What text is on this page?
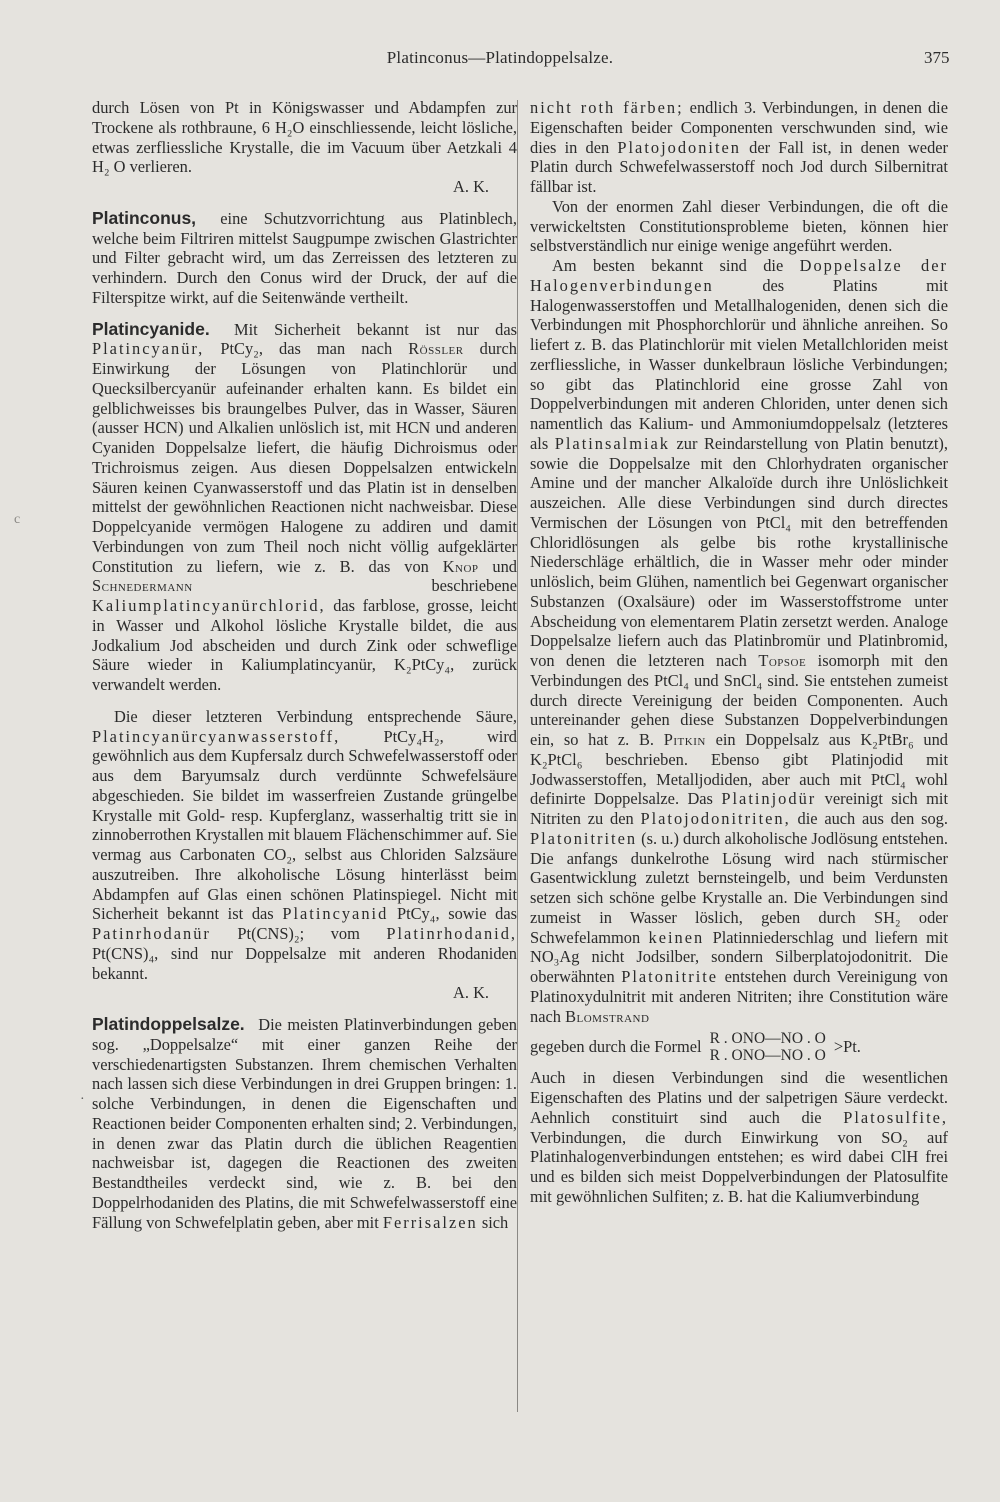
Platinconus—Platindoppelsalze.	375
c
·

durch Lösen von Pt in Königswasser und Abdampfen zur Trockene als rothbraune, 6 H₂O einschliessende, leicht lösliche, etwas zerfliessliche Krystalle, die im Vacuum über Aetzkali 4 H₂ O verlieren.

A. K.

Platinconus, eine Schutzvorrichtung aus Platinblech, welche beim Filtriren mittelst Saugpumpe zwischen Glastrichter und Filter gebracht wird, um das Zerreissen des letzteren zu verhindern. Durch den Conus wird der Druck, der auf die Filterspitze wirkt, auf die Seitenwände vertheilt.

Platincyanide. Mit Sicherheit bekannt ist nur das Platincyanür, PtCy₂, das man nach Rössler durch Einwirkung der Lösungen von Platinchlorür und Quecksilbercyanür aufeinander erhalten kann. Es bildet ein gelblichweisses bis braungelbes Pulver, das in Wasser, Säuren (ausser HCN) und Alkalien unlöslich ist, mit HCN und anderen Cyaniden Doppelsalze liefert, die häufig Dichroismus oder Trichroismus zeigen. Aus diesen Doppelsalzen entwickeln Säuren keinen Cyanwasserstoff und das Platin ist in denselben mittelst der gewöhnlichen Reactionen nicht nachweisbar. Diese Doppelcyanide vermögen Halogene zu addiren und damit Verbindungen von zum Theil noch nicht völlig aufgeklärter Constitution zu liefern, wie z. B. das von Knop und Schnedermann	beschriebene Kaliumplatincyanürchlorid, das farblose, grosse, leicht in Wasser und Alkohol lösliche Krystalle bildet, die aus Jodkalium Jod abscheiden und durch Zink oder schweflige Säure wieder in Kaliumplatincyanür, K₂PtCy₄, zurück verwandelt werden.

Die dieser letzteren Verbindung entsprechende Säure, Platincyanürcyanwasserstoff,	PtCy₄H₂, wird gewöhnlich aus dem Kupfersalz durch Schwefelwasserstoff oder aus dem Baryumsalz durch verdünnte Schwefelsäure abgeschieden. Sie bildet im wasserfreien Zustande grüngelbe Krystalle mit Gold- resp. Kupferglanz, wasserhaltig tritt sie in zinnoberrothen Krystallen mit blauem Flächenschimmer auf. Sie vermag aus Carbonaten CO₂, selbst aus Chloriden Salzsäure auszutreiben. Ihre alkoholische Lösung hinterlässt beim Abdampfen auf Glas einen schönen Platinspiegel. Nicht mit Sicherheit bekannt ist das Platincyanid PtCy₄, sowie das Patinrhodanür Pt(CNS)₂; vom Platinrhodanid, Pt(CNS)₄, sind nur Doppelsalze mit anderen Rhodaniden bekannt.

A. K.

Platindoppelsalze. Die meisten Platinverbindungen geben sog. „Doppelsalze“ mit einer ganzen Reihe der verschiedenartigsten Substanzen. Ihrem chemischen Verhalten nach lassen sich diese Verbindungen in drei Gruppen bringen: 1. solche Verbindungen, in denen die Eigenschaften und Reactionen beider Componenten erhalten sind; 2. Verbindungen, in denen zwar das Platin durch die üblichen Reagentien nachweisbar ist, dagegen die Reactionen des zweiten Bestandtheiles verdeckt sind, wie z. B. bei den Doppelrhodaniden des Platins, die mit Schwefelwasserstoff eine Fällung von Schwefelplatin geben, aber mit Ferrisalzen sich

nicht roth färben; endlich 3. Verbindungen, in denen die Eigenschaften beider Componenten verschwunden sind, wie dies in den Platojodoniten der Fall ist, in denen weder Platin durch Schwefelwasserstoff noch Jod durch Silbernitrat fällbar ist.

Von der enormen Zahl dieser Verbindungen, die oft die verwickeltsten Constitutionsprobleme bieten, können hier selbstverständlich nur einige wenige angeführt werden.

Am besten bekannt sind die Doppelsalze der Halogenverbindungen	des Platins mit Halogenwasserstoffen und Metallhalogeniden, denen sich die Verbindungen mit Phosphorchlorür und ähnliche anreihen. So liefert z. B. das Platinchlorür mit vielen Metallchloriden meist zerfliessliche, in Wasser dunkelbraun lösliche Verbindungen; so gibt das Platinchlorid eine grosse Zahl von Doppelverbindungen mit anderen Chloriden, unter denen sich namentlich das Kalium- und Ammoniumdoppelsalz (letzteres als Platinsalmiak zur Reindarstellung von Platin benutzt), sowie die Doppelsalze mit den Chlorhydraten organischer Amine und der mancher Alkaloïde durch ihre Unlöslichkeit auszeichen. Alle diese Verbindungen sind durch directes Vermischen der Lösungen von PtCl₄ mit den betreffenden Chloridlösungen als gelbe bis rothe krystallinische Niederschläge erhältlich, die in Wasser mehr oder minder unlöslich, beim Glühen, namentlich bei Gegenwart organischer Substanzen (Oxalsäure) oder im Wasserstoffstrome unter Abscheidung von elementarem Platin zersetzt werden. Analoge Doppelsalze liefern auch das Platinbromür und Platinbromid, von denen die letzteren nach Topsoe isomorph mit den Verbindungen des PtCl₄ und SnCl₄ sind. Sie entstehen zumeist durch directe Vereinigung der beiden Componenten. Auch untereinander gehen diese Substanzen Doppelverbindungen ein, so hat z. B. Pitkin ein Doppelsalz aus K₂PtBr₆ und K₂PtCl₆ beschrieben. Ebenso gibt Platinjodid mit Jodwasserstoffen, Metalljodiden, aber auch mit PtCl₄ wohl definirte Doppelsalze. Das Platinjodür vereinigt sich mit Nitriten zu den Platojodonitriten, die auch aus den sog. Platonitriten (s. u.) durch alkoholische Jodlösung entstehen. Die anfangs dunkelrothe Lösung wird nach stürmischer Gasentwicklung zuletzt bernsteingelb, und beim Verdunsten setzen sich schöne gelbe Krystalle an. Die Verbindungen sind zumeist in Wasser löslich, geben durch SH₂ oder Schwefelammon keinen Platinniederschlag und liefern mit NO₃Ag nicht Jodsilber, sondern Silberplatojodonitrit. Die oberwähnten Platonitrite entstehen durch Vereinigung von Platinoxydulnitrit mit anderen Nitriten; ihre Constitution wäre nach Blomstrand

gegeben durch die Formel R . ONO—NO . O
R . ONO—NO . O >Pt.

Auch in diesen Verbindungen sind die wesentlichen Eigenschaften des Platins und der salpetrigen Säure verdeckt. Aehnlich constituirt sind auch die Platosulfite, Verbindungen, die durch Einwirkung von SO₂ auf Platinhalogenverbindungen entstehen; es wird dabei ClH frei und es bilden sich meist Doppelverbindungen der Platosulfite mit gewöhnlichen Sulfiten; z. B. hat die Kaliumverbindung
